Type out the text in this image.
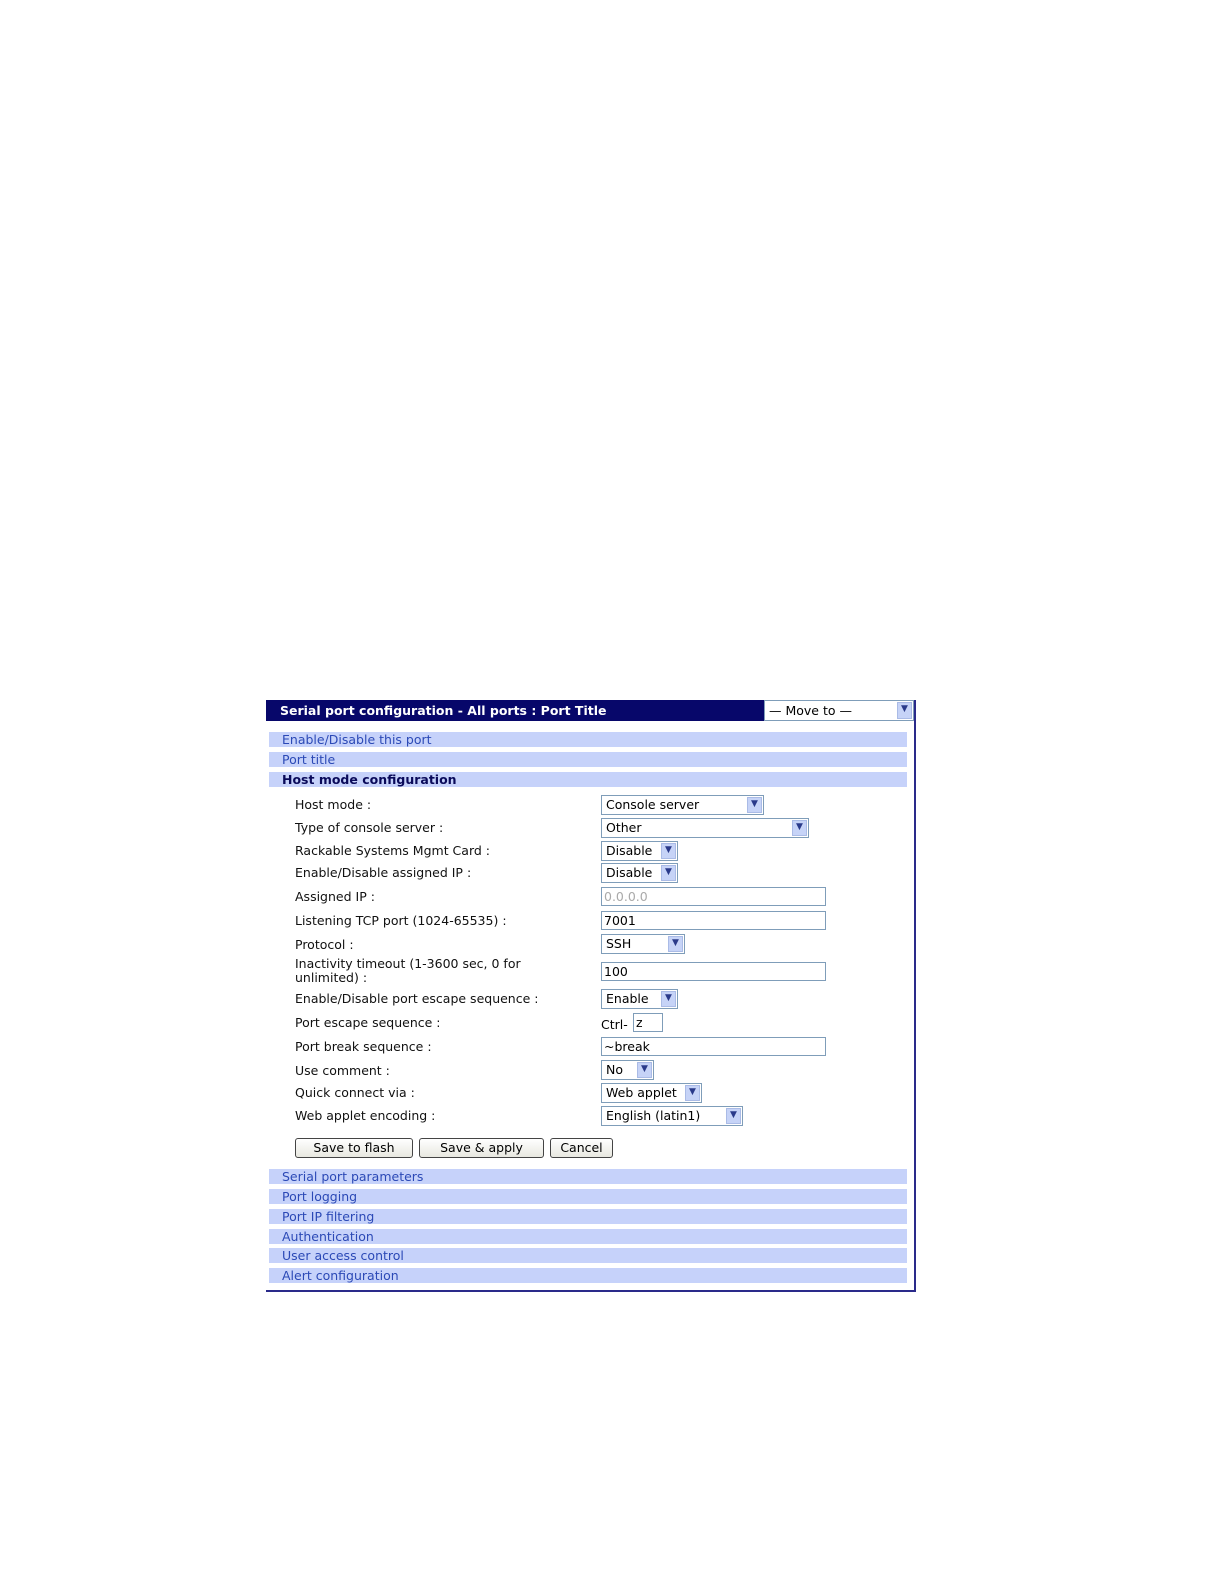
Serial port configuration - All ports : Port Title	— Move to —	▼
Enable/Disable this port
Port title
Host mode configuration
Host mode :	Console server	▼
Type of console server :	Other	▼
Rackable Systems Mgmt Card :	Disable	▼
Enable/Disable assigned IP :	Disable	▼
Assigned IP :	0.0.0.0
Listening TCP port (1024-65535) :	7001
Protocol :	SSH	▼
Inactivity timeout (1-3600 sec, 0 for unlimited) :	100
Enable/Disable port escape sequence :	Enable	▼
Port escape sequence :	Ctrl- z
Port break sequence :	~break
Use comment :	No	▼
Quick connect via :	Web applet	▼
Web applet encoding :	English (latin1)	▼
Save to flash	Save & apply	Cancel
Serial port parameters
Port logging
Port IP filtering
Authentication
User access control
Alert configuration
